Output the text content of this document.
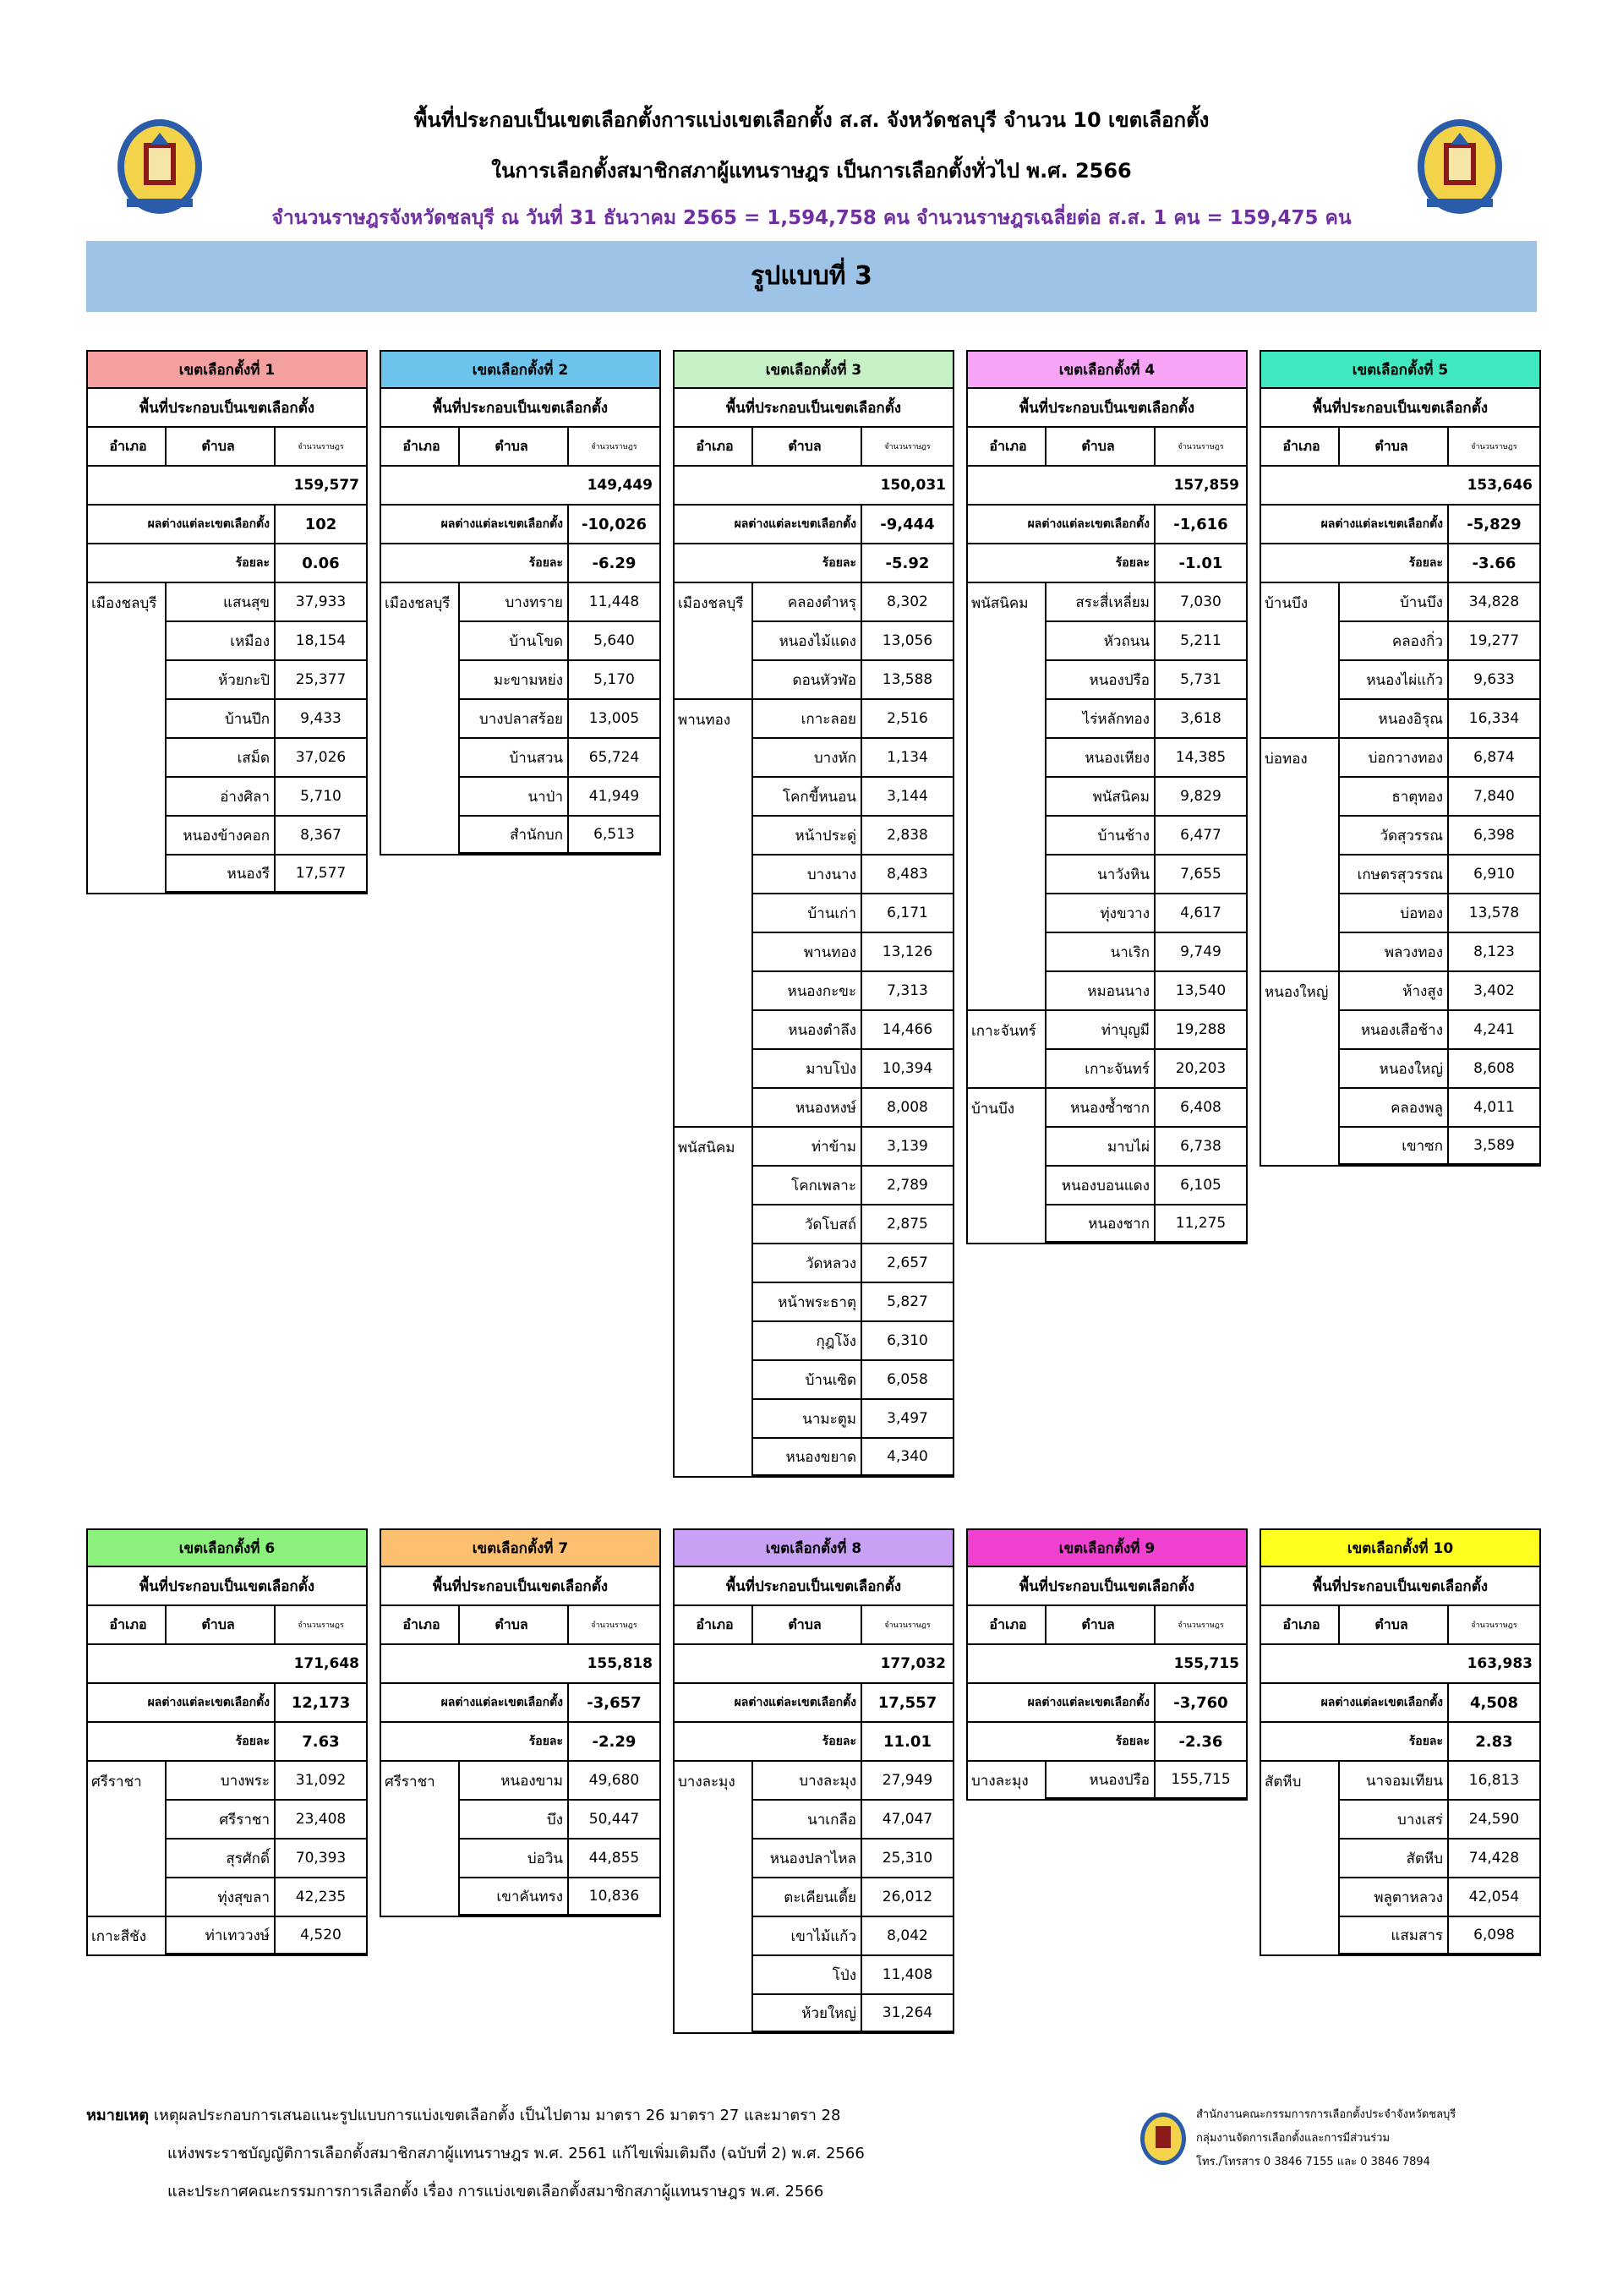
พื้นที่ประกอบเป็นเขตเลือกตั้งการแบ่งเขตเลือกตั้ง ส.ส. จังหวัดชลบุรี จำนวน 10 เขตเลือกตั้ง
ในการเลือกตั้งสมาชิกสภาผู้แทนราษฎร เป็นการเลือกตั้งทั่วไป พ.ศ. 2566
จำนวนราษฎรจังหวัดชลบุรี ณ วันที่ 31 ธันวาคม 2565 = 1,594,758 คน จำนวนราษฎรเฉลี่ยต่อ ส.ส. 1 คน = 159,475 คน
รูปแบบที่ 3
เขตเลือกตั้งที่ 1
พื้นที่ประกอบเป็นเขตเลือกตั้ง
อำเภอ	ตำบล	จำนวนราษฎร
159,577
ผลต่างแต่ละเขตเลือกตั้ง	102
ร้อยละ	0.06
เมืองชลบุรี	แสนสุข	37,933
เหมือง	18,154
ห้วยกะปิ	25,377
บ้านปึก	9,433
เสม็ด	37,026
อ่างศิลา	5,710
หนองข้างคอก	8,367
หนองรี	17,577
เขตเลือกตั้งที่ 2
พื้นที่ประกอบเป็นเขตเลือกตั้ง
อำเภอ	ตำบล	จำนวนราษฎร
149,449
ผลต่างแต่ละเขตเลือกตั้ง	-10,026
ร้อยละ	-6.29
เมืองชลบุรี	บางทราย	11,448
บ้านโขด	5,640
มะขามหย่ง	5,170
บางปลาสร้อย	13,005
บ้านสวน	65,724
นาป่า	41,949
สำนักบก	6,513
เขตเลือกตั้งที่ 3
พื้นที่ประกอบเป็นเขตเลือกตั้ง
อำเภอ	ตำบล	จำนวนราษฎร
150,031
ผลต่างแต่ละเขตเลือกตั้ง	-9,444
ร้อยละ	-5.92
เมืองชลบุรี	คลองตำหรุ	8,302
หนองไม้แดง	13,056
ดอนหัวฬ่อ	13,588
พานทอง	เกาะลอย	2,516
บางหัก	1,134
โคกขี้หนอน	3,144
หน้าประดู่	2,838
บางนาง	8,483
บ้านเก่า	6,171
พานทอง	13,126
หนองกะขะ	7,313
หนองตำลึง	14,466
มาบโป่ง	10,394
หนองหงษ์	8,008
พนัสนิคม	ท่าข้าม	3,139
โคกเพลาะ	2,789
วัดโบสถ์	2,875
วัดหลวง	2,657
หน้าพระธาตุ	5,827
กุฎโง้ง	6,310
บ้านเซิด	6,058
นามะตูม	3,497
หนองขยาด	4,340
เขตเลือกตั้งที่ 4
พื้นที่ประกอบเป็นเขตเลือกตั้ง
อำเภอ	ตำบล	จำนวนราษฎร
157,859
ผลต่างแต่ละเขตเลือกตั้ง	-1,616
ร้อยละ	-1.01
พนัสนิคม	สระสี่เหลี่ยม	7,030
หัวถนน	5,211
หนองปรือ	5,731
ไร่หลักทอง	3,618
หนองเหียง	14,385
พนัสนิคม	9,829
บ้านช้าง	6,477
นาวังหิน	7,655
ทุ่งขวาง	4,617
นาเริก	9,749
หมอนนาง	13,540
เกาะจันทร์	ท่าบุญมี	19,288
เกาะจันทร์	20,203
บ้านบึง	หนองซ้ำซาก	6,408
มาบไผ่	6,738
หนองบอนแดง	6,105
หนองชาก	11,275
เขตเลือกตั้งที่ 5
พื้นที่ประกอบเป็นเขตเลือกตั้ง
อำเภอ	ตำบล	จำนวนราษฎร
153,646
ผลต่างแต่ละเขตเลือกตั้ง	-5,829
ร้อยละ	-3.66
บ้านบึง	บ้านบึง	34,828
คลองกิ่ว	19,277
หนองไผ่แก้ว	9,633
หนองอิรุณ	16,334
บ่อทอง	บ่อกวางทอง	6,874
ธาตุทอง	7,840
วัดสุวรรณ	6,398
เกษตรสุวรรณ	6,910
บ่อทอง	13,578
พลวงทอง	8,123
หนองใหญ่	ห้างสูง	3,402
หนองเสือช้าง	4,241
หนองใหญ่	8,608
คลองพลู	4,011
เขาซก	3,589
เขตเลือกตั้งที่ 6
พื้นที่ประกอบเป็นเขตเลือกตั้ง
อำเภอ	ตำบล	จำนวนราษฎร
171,648
ผลต่างแต่ละเขตเลือกตั้ง	12,173
ร้อยละ	7.63
ศรีราชา	บางพระ	31,092
ศรีราชา	23,408
สุรศักดิ์	70,393
ทุ่งสุขลา	42,235
เกาะสีชัง	ท่าเทววงษ์	4,520
เขตเลือกตั้งที่ 7
พื้นที่ประกอบเป็นเขตเลือกตั้ง
อำเภอ	ตำบล	จำนวนราษฎร
155,818
ผลต่างแต่ละเขตเลือกตั้ง	-3,657
ร้อยละ	-2.29
ศรีราชา	หนองขาม	49,680
บึง	50,447
บ่อวิน	44,855
เขาคันทรง	10,836
เขตเลือกตั้งที่ 8
พื้นที่ประกอบเป็นเขตเลือกตั้ง
อำเภอ	ตำบล	จำนวนราษฎร
177,032
ผลต่างแต่ละเขตเลือกตั้ง	17,557
ร้อยละ	11.01
บางละมุง	บางละมุง	27,949
นาเกลือ	47,047
หนองปลาไหล	25,310
ตะเคียนเตี้ย	26,012
เขาไม้แก้ว	8,042
โป่ง	11,408
ห้วยใหญ่	31,264
เขตเลือกตั้งที่ 9
พื้นที่ประกอบเป็นเขตเลือกตั้ง
อำเภอ	ตำบล	จำนวนราษฎร
155,715
ผลต่างแต่ละเขตเลือกตั้ง	-3,760
ร้อยละ	-2.36
บางละมุง	หนองปรือ	155,715
เขตเลือกตั้งที่ 10
พื้นที่ประกอบเป็นเขตเลือกตั้ง
อำเภอ	ตำบล	จำนวนราษฎร
163,983
ผลต่างแต่ละเขตเลือกตั้ง	4,508
ร้อยละ	2.83
สัตหีบ	นาจอมเทียน	16,813
บางเสร่	24,590
สัตหีบ	74,428
พลูตาหลวง	42,054
แสมสาร	6,098
หมายเหตุ เหตุผลประกอบการเสนอแนะรูปแบบการแบ่งเขตเลือกตั้ง เป็นไปตาม มาตรา 26 มาตรา 27 และมาตรา 28
แห่งพระราชบัญญัติการเลือกตั้งสมาชิกสภาผู้แทนราษฎร พ.ศ. 2561 แก้ไขเพิ่มเติมถึง (ฉบับที่ 2) พ.ศ. 2566
และประกาศคณะกรรมการการเลือกตั้ง เรื่อง การแบ่งเขตเลือกตั้งสมาชิกสภาผู้แทนราษฎร พ.ศ. 2566
สำนักงานคณะกรรมการการเลือกตั้งประจำจังหวัดชลบุรี
กลุ่มงานจัดการเลือกตั้งและการมีส่วนร่วม
โทร./โทรสาร 0 3846 7155 และ 0 3846 7894
